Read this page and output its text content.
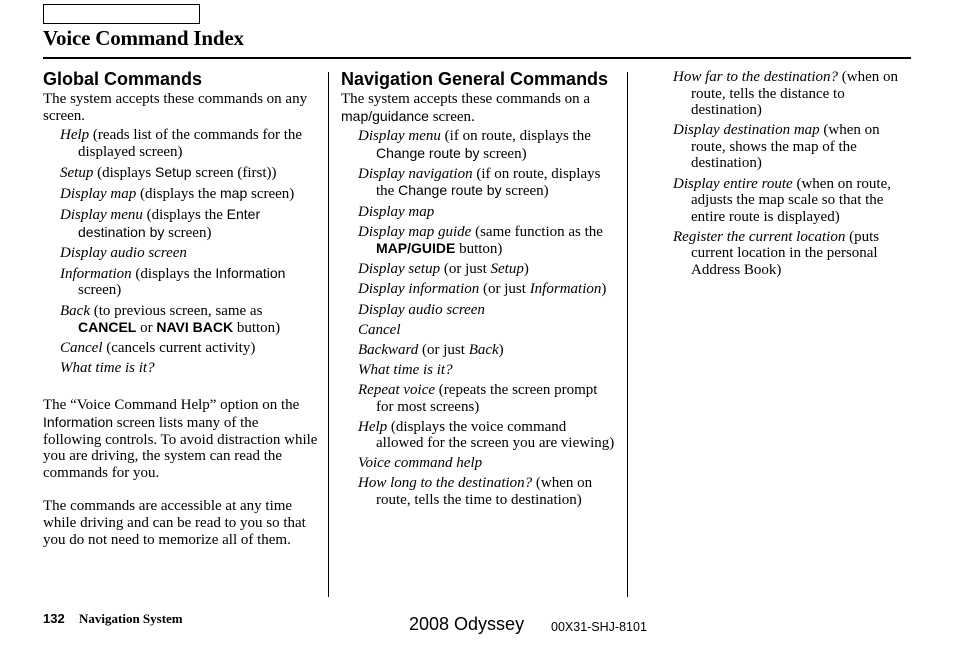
Voice Command Index
Global Commands

The system accepts these commands on any screen.

Help (reads list of the commands for the displayed screen)
Setup (displays Setup screen (first))
Display map (displays the map screen)
Display menu (displays the Enter destination by screen)
Display audio screen
Information (displays the Information screen)
Back (to previous screen, same as CANCEL or NAVI BACK button)
Cancel (cancels current activity)
What time is it?

The “Voice Command Help” option on the Information screen lists many of the following controls. To avoid distraction while you are driving, the system can read the commands for you.

The commands are accessible at any time while driving and can be read to you so that you do not need to memorize all of them.

Navigation General Commands

The system accepts these commands on a map/guidance screen.

Display menu (if on route, displays the Change route by screen)
Display navigation (if on route, displays the Change route by screen)
Display map
Display map guide (same function as the MAP/GUIDE button)
Display setup (or just Setup)
Display information (or just Information)
Display audio screen
Cancel
Backward (or just Back)
What time is it?
Repeat voice (repeats the screen prompt for most screens)
Help (displays the voice command allowed for the screen you are viewing)
Voice command help
How long to the destination? (when on route, tells the time to destination)
How far to the destination? (when on route, tells the distance to destination)
Display destination map (when on route, shows the map of the destination)
Display entire route (when on route, adjusts the map scale so that the entire route is displayed)
Register the current location (puts current location in the personal Address Book)
132 Navigation System	2008 Odyssey 00X31-SHJ-8101
